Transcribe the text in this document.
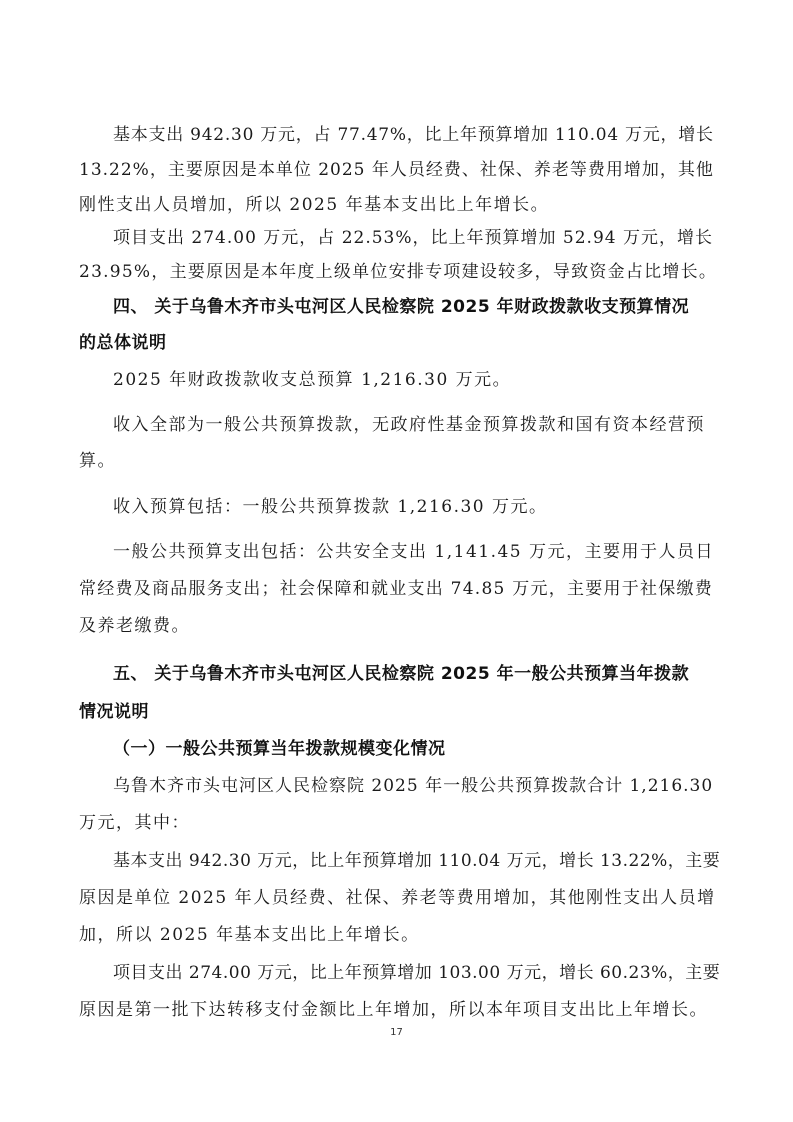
基本支出 942.30 万元，占 77.47%，比上年预算增加 110.04 万元，增长
13.22%，主要原因是本单位 2025 年人员经费、社保、养老等费用增加，其他
刚性支出人员增加，所以 2025 年基本支出比上年增长。
项目支出 274.00 万元，占 22.53%，比上年预算增加 52.94 万元，增长
23.95%，主要原因是本年度上级单位安排专项建设较多，导致资金占比增长。
四、 关于乌鲁木齐市头屯河区人民检察院 2025 年财政拨款收支预算情况
的总体说明
2025 年财政拨款收支总预算 1,216.30 万元。
收入全部为一般公共预算拨款，无政府性基金预算拨款和国有资本经营预
算。
收入预算包括：一般公共预算拨款 1,216.30 万元。
一般公共预算支出包括：公共安全支出 1,141.45 万元，主要用于人员日
常经费及商品服务支出；社会保障和就业支出 74.85 万元，主要用于社保缴费
及养老缴费。
五、 关于乌鲁木齐市头屯河区人民检察院 2025 年一般公共预算当年拨款
情况说明
（一）一般公共预算当年拨款规模变化情况
乌鲁木齐市头屯河区人民检察院 2025 年一般公共预算拨款合计 1,216.30
万元，其中：
基本支出 942.30 万元，比上年预算增加 110.04 万元，增长 13.22%，主要
原因是单位 2025 年人员经费、社保、养老等费用增加，其他刚性支出人员增
加，所以 2025 年基本支出比上年增长。
项目支出 274.00 万元，比上年预算增加 103.00 万元，增长 60.23%，主要
原因是第一批下达转移支付金额比上年增加，所以本年项目支出比上年增长。
17
